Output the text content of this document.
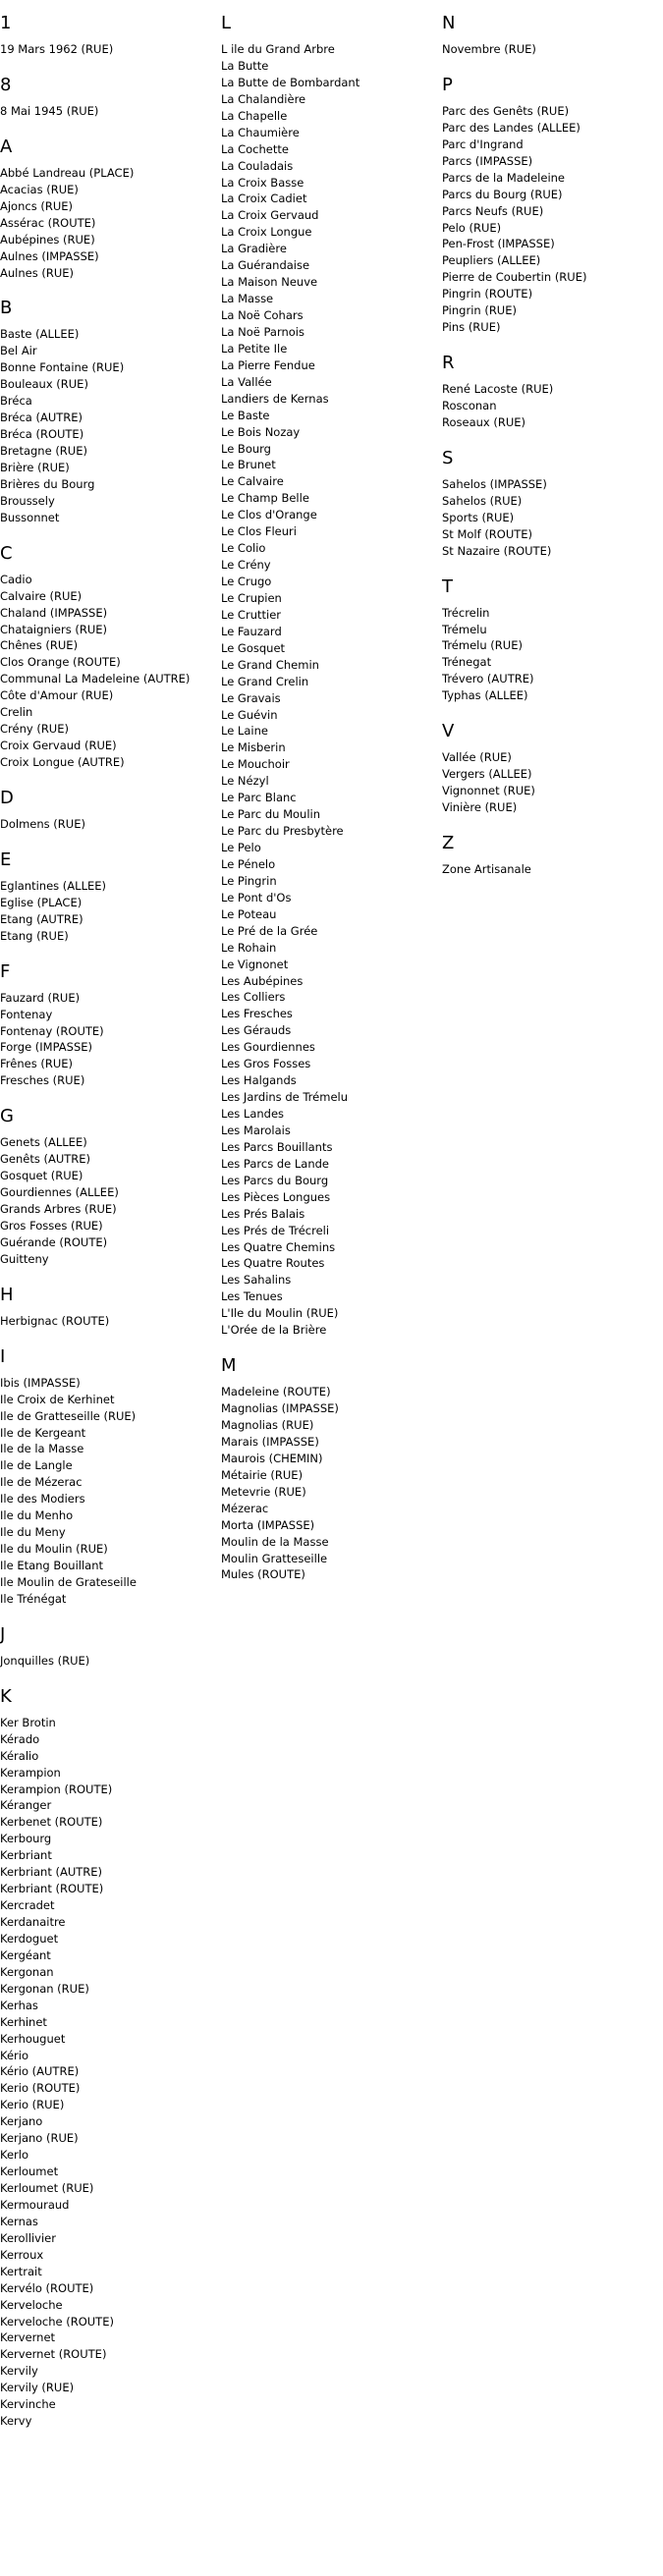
1
19 Mars 1962 (RUE)
8
8 Mai 1945 (RUE)
A
Abbé Landreau (PLACE)
Acacias (RUE)
Ajoncs (RUE)
Assérac (ROUTE)
Aubépines (RUE)
Aulnes (IMPASSE)
Aulnes (RUE)
B
Baste (ALLEE)
Bel Air
Bonne Fontaine (RUE)
Bouleaux (RUE)
Bréca
Bréca (AUTRE)
Bréca (ROUTE)
Bretagne (RUE)
Brière (RUE)
Brières du Bourg
Broussely
Bussonnet
C
Cadio
Calvaire (RUE)
Chaland (IMPASSE)
Chataigniers (RUE)
Chênes (RUE)
Clos Orange (ROUTE)
Communal La Madeleine (AUTRE)
Côte d'Amour (RUE)
Crelin
Crény (RUE)
Croix Gervaud (RUE)
Croix Longue (AUTRE)
D
Dolmens (RUE)
E
Eglantines (ALLEE)
Eglise (PLACE)
Etang (AUTRE)
Etang (RUE)
F
Fauzard (RUE)
Fontenay
Fontenay (ROUTE)
Forge (IMPASSE)
Frênes (RUE)
Fresches (RUE)
G
Genets (ALLEE)
Genêts (AUTRE)
Gosquet (RUE)
Gourdiennes (ALLEE)
Grands Arbres (RUE)
Gros Fosses (RUE)
Guérande (ROUTE)
Guitteny
H
Herbignac (ROUTE)
I
Ibis (IMPASSE)
Ile Croix de Kerhinet
Ile de Gratteseille (RUE)
Ile de Kergeant
Ile de la Masse
Ile de Langle
Ile de Mézerac
Ile des Modiers
Ile du Menho
Ile du Meny
Ile du Moulin (RUE)
Ile Etang Bouillant
Ile Moulin de Grateseille
Ile Trénégat
J
Jonquilles (RUE)
K
Ker Brotin
Kérado
Kéralio
Kerampion
Kerampion (ROUTE)
Kéranger
Kerbenet (ROUTE)
Kerbourg
Kerbriant
Kerbriant (AUTRE)
Kerbriant (ROUTE)
Kercradet
Kerdanaitre
Kerdoguet
Kergéant
Kergonan
Kergonan (RUE)
Kerhas
Kerhinet
Kerhouguet
Kério
Kério (AUTRE)
Kerio (ROUTE)
Kerio (RUE)
Kerjano
Kerjano (RUE)
Kerlo
Kerloumet
Kerloumet (RUE)
Kermouraud
Kernas
Kerollivier
Kerroux
Kertrait
Kervélo (ROUTE)
Kerveloche
Kerveloche (ROUTE)
Kervernet
Kervernet (ROUTE)
Kervily
Kervily (RUE)
Kervinche
Kervy
L
L ile du Grand Arbre
La Butte
La Butte de Bombardant
La Chalandière
La Chapelle
La Chaumière
La Cochette
La Couladais
La Croix Basse
La Croix Cadiet
La Croix Gervaud
La Croix Longue
La Gradière
La Guérandaise
La Maison Neuve
La Masse
La Noë Cohars
La Noë Parnois
La Petite Ile
La Pierre Fendue
La Vallée
Landiers de Kernas
Le Baste
Le Bois Nozay
Le Bourg
Le Brunet
Le Calvaire
Le Champ Belle
Le Clos d'Orange
Le Clos Fleuri
Le Colio
Le Crény
Le Crugo
Le Crupien
Le Cruttier
Le Fauzard
Le Gosquet
Le Grand Chemin
Le Grand Crelin
Le Gravais
Le Guévin
Le Laine
Le Misberin
Le Mouchoir
Le Nézyl
Le Parc Blanc
Le Parc du Moulin
Le Parc du Presbytère
Le Pelo
Le Pénelo
Le Pingrin
Le Pont d'Os
Le Poteau
Le Pré de la Grée
Le Rohain
Le Vignonet
Les Aubépines
Les Colliers
Les Fresches
Les Gérauds
Les Gourdiennes
Les Gros Fosses
Les Halgands
Les Jardins de Trémelu
Les Landes
Les Marolais
Les Parcs Bouillants
Les Parcs de Lande
Les Parcs du Bourg
Les Pièces Longues
Les Prés Balais
Les Prés de Trécreli
Les Quatre Chemins
Les Quatre Routes
Les Sahalins
Les Tenues
L'Ile du Moulin (RUE)
L'Orée de la Brière
M
Madeleine (ROUTE)
Magnolias (IMPASSE)
Magnolias (RUE)
Marais (IMPASSE)
Maurois (CHEMIN)
Métairie (RUE)
Metevrie (RUE)
Mézerac
Morta (IMPASSE)
Moulin de la Masse
Moulin Gratteseille
Mules (ROUTE)
N
Novembre (RUE)
P
Parc des Genêts (RUE)
Parc des Landes (ALLEE)
Parc d'Ingrand
Parcs (IMPASSE)
Parcs de la Madeleine
Parcs du Bourg (RUE)
Parcs Neufs (RUE)
Pelo (RUE)
Pen-Frost (IMPASSE)
Peupliers (ALLEE)
Pierre de Coubertin (RUE)
Pingrin (ROUTE)
Pingrin (RUE)
Pins (RUE)
R
René Lacoste (RUE)
Rosconan
Roseaux (RUE)
S
Sahelos (IMPASSE)
Sahelos (RUE)
Sports (RUE)
St Molf (ROUTE)
St Nazaire (ROUTE)
T
Trécrelin
Trémelu
Trémelu (RUE)
Trénegat
Trévero (AUTRE)
Typhas (ALLEE)
V
Vallée (RUE)
Vergers (ALLEE)
Vignonnet (RUE)
Vinière (RUE)
Z
Zone Artisanale
